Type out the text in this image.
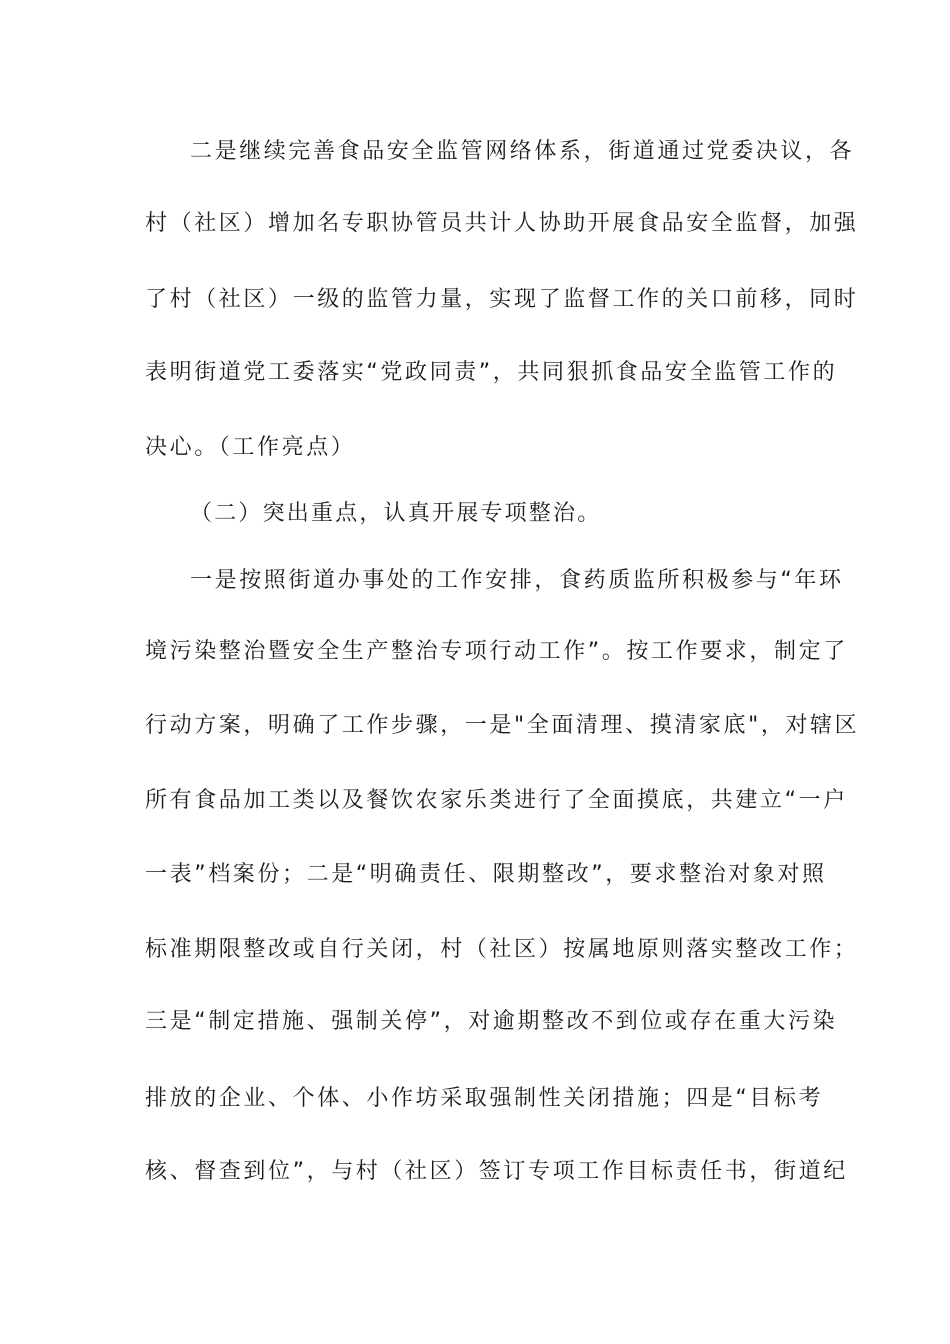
二是继续完善食品安全监管网络体系，街道通过党委决议，各
村（社区）增加名专职协管员共计人协助开展食品安全监督，加强
了村（社区）一级的监管力量，实现了监督工作的关口前移，同时
表明街道党工委落实“党政同责”，共同狠抓食品安全监管工作的
决心。（工作亮点）
（二）突出重点，认真开展专项整治。
一是按照街道办事处的工作安排，食药质监所积极参与“年环
境污染整治暨安全生产整治专项行动工作”。按工作要求，制定了
行动方案，明确了工作步骤，一是"全面清理、摸清家底"，对辖区
所有食品加工类以及餐饮农家乐类进行了全面摸底，共建立“一户
一表”档案份；二是“明确责任、限期整改”，要求整治对象对照
标准期限整改或自行关闭，村（社区）按属地原则落实整改工作；
三是“制定措施、强制关停”，对逾期整改不到位或存在重大污染
排放的企业、个体、小作坊采取强制性关闭措施；四是“目标考
核、督查到位”，与村（社区）签订专项工作目标责任书，街道纪
